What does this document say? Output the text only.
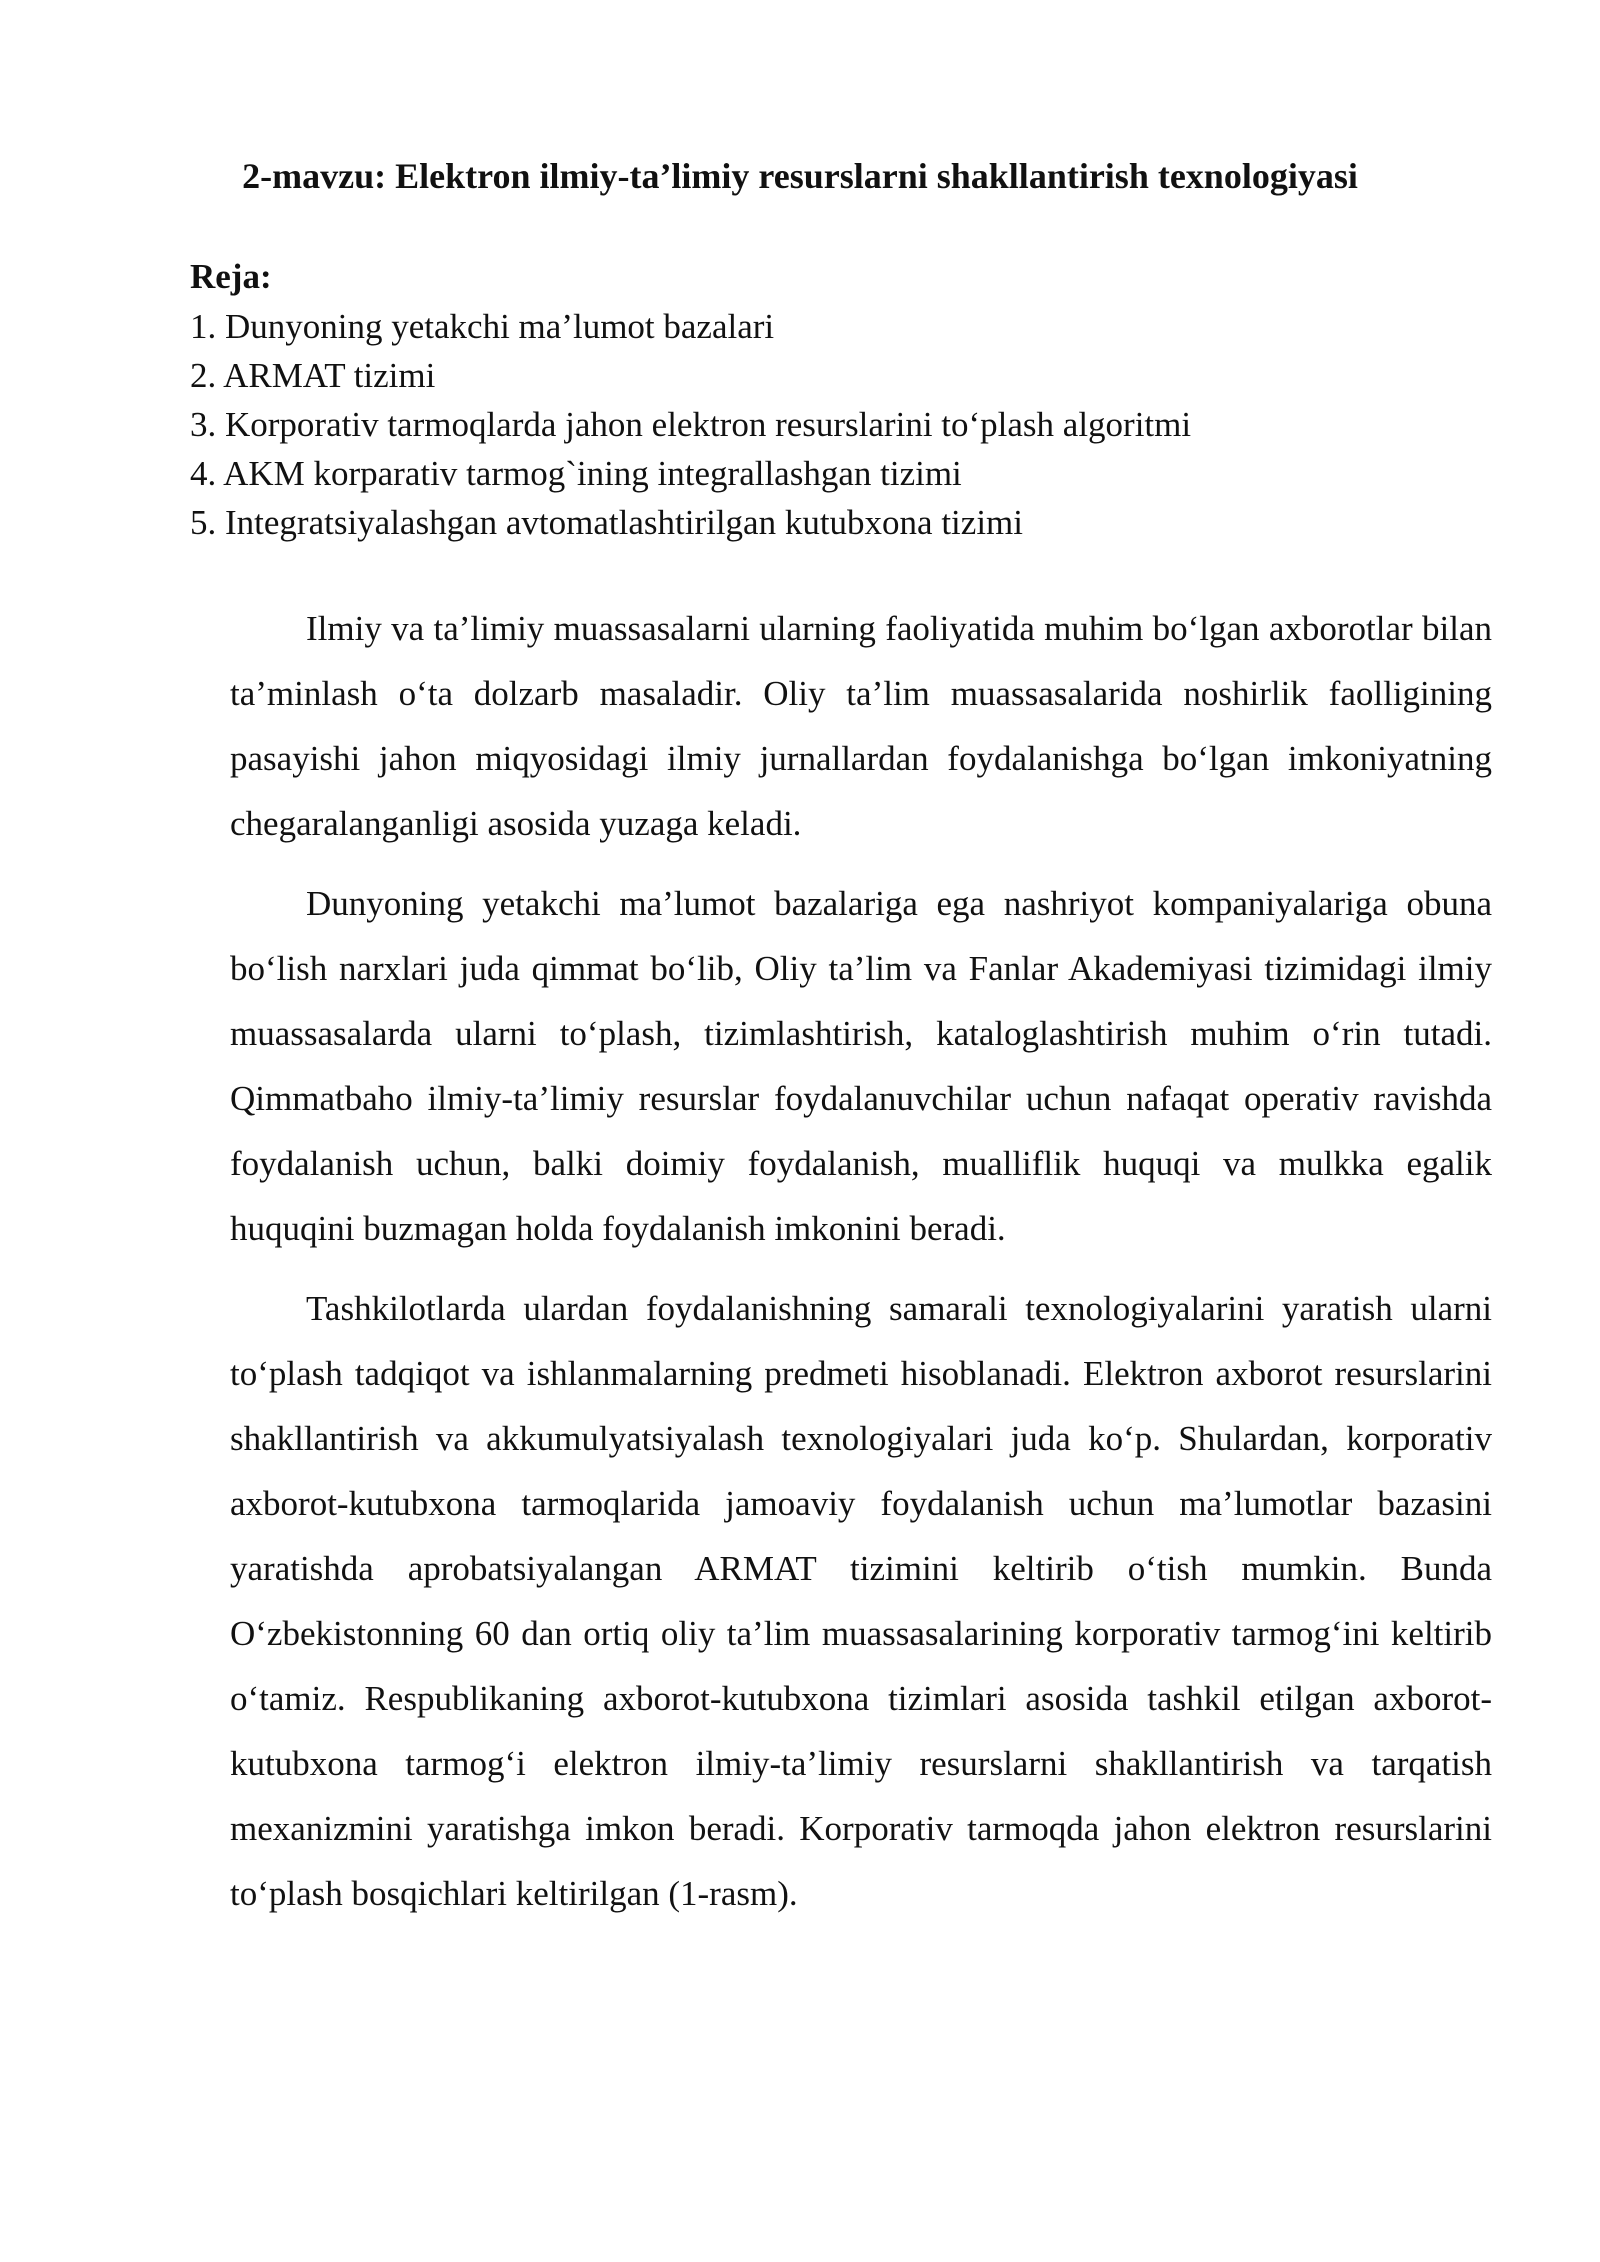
2-mavzu: Elektron ilmiy-ta’limiy resurslarni shakllantirish texnologiyasi

Reja:

1. Dunyoning yetakchi ma’lumot bazalari
2. ARMAT tizimi
3. Korporativ tarmoqlarda jahon elektron resurslarini to‘plash algoritmi
4. AKM korparativ tarmog`ining integrallashgan tizimi
5. Integratsiyalashgan avtomatlashtirilgan kutubxona tizimi

Ilmiy va ta’limiy muassasalarni ularning faoliyatida muhim bo‘lgan axborotlar bilan ta’minlash o‘ta dolzarb masaladir. Oliy ta’lim muassasalarida noshirlik faolligining pasayishi jahon miqyosidagi ilmiy jurnallardan foydalanishga bo‘lgan imkoniyatning chegaralanganligi asosida yuzaga keladi.

Dunyoning yetakchi ma’lumot bazalariga ega nashriyot kompaniyalariga obuna bo‘lish narxlari juda qimmat bo‘lib, Oliy ta’lim va Fanlar Akademiyasi tizimidagi ilmiy muassasalarda ularni to‘plash, tizimlashtirish, kataloglashtirish muhim o‘rin tutadi. Qimmatbaho ilmiy-ta’limiy resurslar foydalanuvchilar uchun nafaqat operativ ravishda foydalanish uchun, balki doimiy foydalanish, mualliflik huquqi va mulkka egalik huquqini buzmagan holda foydalanish imkonini beradi.

Tashkilotlarda ulardan foydalanishning samarali texnologiyalarini yaratish ularni to‘plash tadqiqot va ishlanmalarning predmeti hisoblanadi. Elektron axborot resurslarini shakllantirish va akkumulyatsiyalash texnologiyalari juda ko‘p. Shulardan, korporativ axborot-kutubxona tarmoqlarida jamoaviy foydalanish uchun ma’lumotlar bazasini yaratishda aprobatsiyalangan ARMAT tizimini keltirib o‘tish mumkin. Bunda O‘zbekistonning 60 dan ortiq oliy ta’lim muassasalarining korporativ tarmog‘ini keltirib o‘tamiz. Respublikaning axborot-kutubxona tizimlari asosida tashkil etilgan axborot-kutubxona tarmog‘i elektron ilmiy-ta’limiy resurslarni shakllantirish va tarqatish mexanizmini yaratishga imkon beradi. Korporativ tarmoqda jahon elektron resurslarini to‘plash bosqichlari keltirilgan (1-rasm).
